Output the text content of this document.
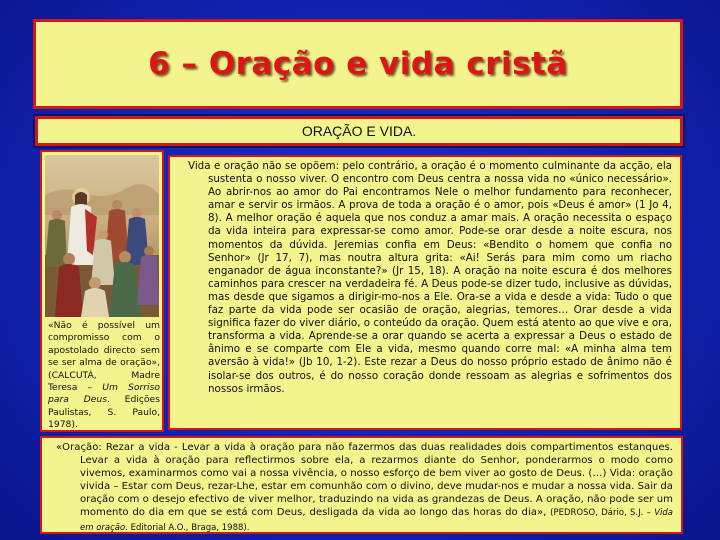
6 – Oração e vida cristã
ORAÇÃO E VIDA.
«Não é possível um compromisso com o apostolado directo sem se ser alma de oração», (CALCUTÁ, Madre Teresa – Um Sorriso para Deus. Edições Paulistas, S. Paulo, 1978).

Vida e oração não se opõem: pelo contrário, a oração é o momento culminante da acção, ela sustenta o nosso viver. O encontro com Deus centra a nossa vida no «único necessário». Ao abrir-nos ao amor do Pai encontramos Nele o melhor fundamento para reconhecer, amar e servir os irmãos. A prova de toda a oração é o amor, pois «Deus é amor» (1 Jo 4, 8). A melhor oração é aquela que nos conduz a amar mais. A oração necessita o espaço da vida inteira para expressar-se como amor. Pode-se orar desde a noite escura, nos momentos da dúvida. Jeremias confia em Deus: «Bendito o homem que confia no Senhor» (Jr 17, 7), mas noutra altura grita: «Ai! Serás para mim como um riacho enganador de água inconstante?» (Jr 15, 18). A oração na noite escura é dos melhores caminhos para crescer na verdadeira fé. A Deus pode-se dizer tudo, inclusive as dúvidas, mas desde que sigamos a dirigir-mo-nos a Ele. Ora-se a vida e desde a vida: Tudo o que faz parte da vida pode ser ocasião de oração, alegrias, temores… Orar desde a vida significa fazer do viver diário, o conteúdo da oração. Quem está atento ao que vive e ora, transforma a vida. Aprende-se a orar quando se acerta a expressar a Deus o estado de ânimo e se comparte com Ele a vida, mesmo quando corre mal: «A minha alma tem aversão à vida!» (Jb 10, 1-2). Este rezar a Deus do nosso próprio estado de ânimo não é isolar-se dos outros, é do nosso coração donde ressoam as alegrias e sofrimentos dos nossos irmãos.

«Oração: Rezar a vida - Levar a vida à oração para não fazermos das duas realidades dois compartimentos estanques. Levar a vida à oração para reflectirmos sobre ela, a rezarmos diante do Senhor, ponderarmos o modo como vivemos, examinarmos como vai a nossa vivência, o nosso esforço de bem viver ao gosto de Deus. (…) Vida: oração vivida – Estar com Deus, rezar-Lhe, estar em comunhão com o divino, deve mudar-nos e mudar a nossa vida. Sair da oração com o desejo efectivo de viver melhor, traduzindo na vida as grandezas de Deus. A oração, não pode ser um momento do dia em que se está com Deus, desligada da vida ao longo das horas do dia», (PEDROSO, Dário, S.J. – Vida em oração. Editorial A.O., Braga, 1988).
